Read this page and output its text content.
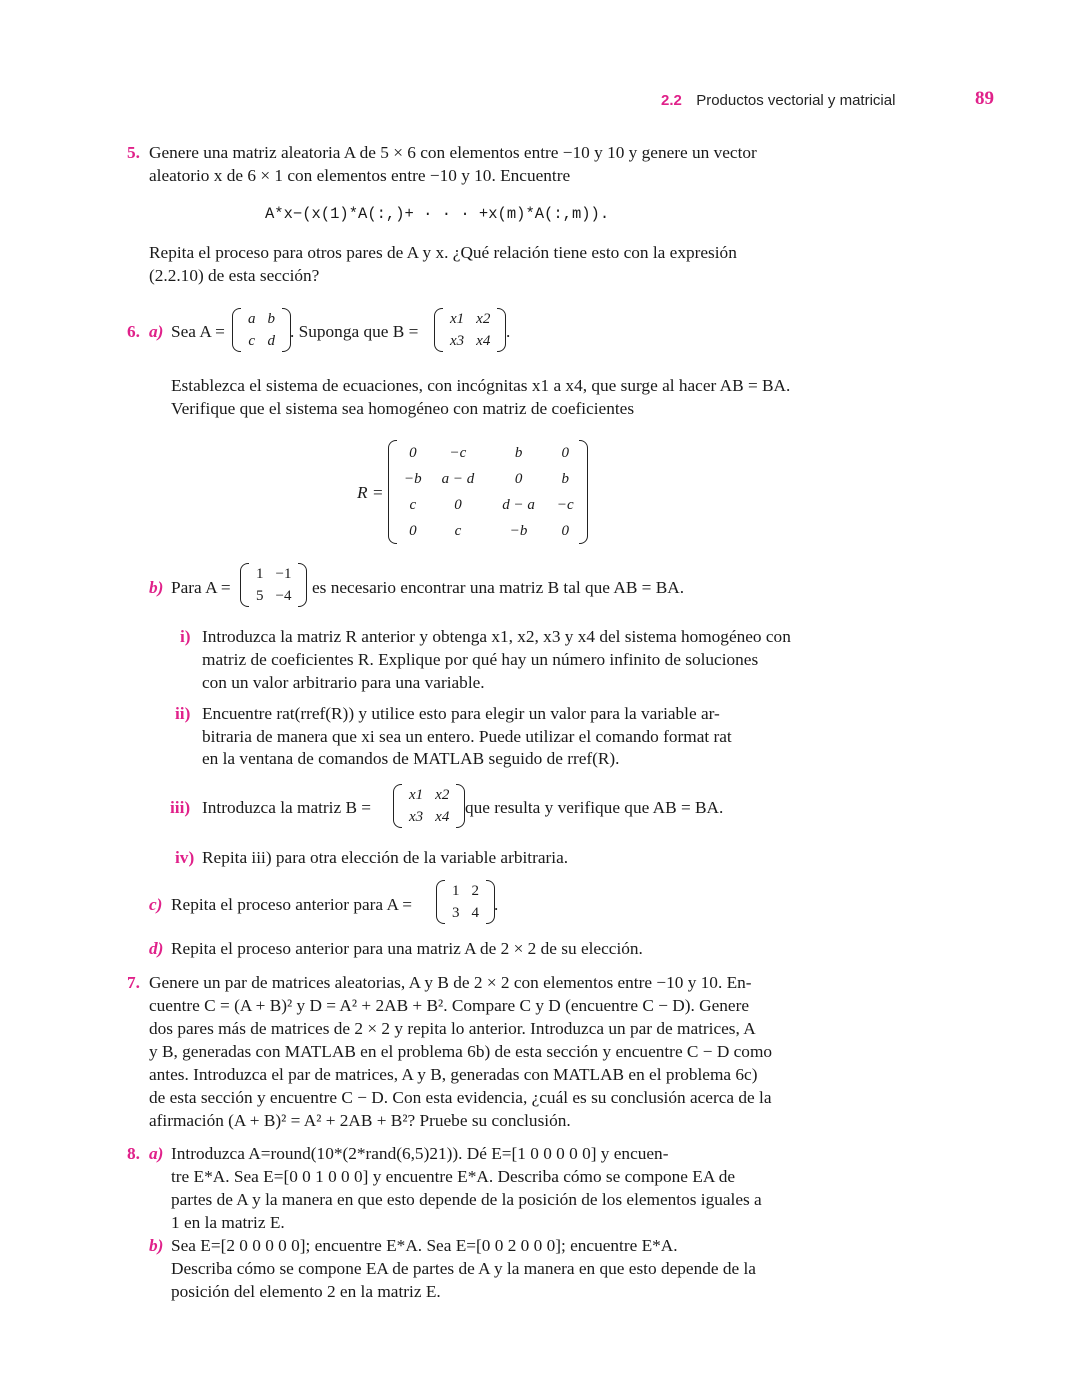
2.2 Productos vectorial y matricial	89
5. Genere una matriz aleatoria A de 5 × 6 con elementos entre −10 y 10 y genere un vector
aleatorio x de 6 × 1 con elementos entre −10 y 10. Encuentre
A*x−(x(1)*A(:,)+ · · · +x(m)*A(:,m)).
Repita el proceso para otros pares de A y x. ¿Qué relación tiene esto con la expresión
(2.2.10) de esta sección?
6. a) Sea A =
a	b
c	d . Suponga que B =
x1	x2
x3	x4 .
Establezca el sistema de ecuaciones, con incógnitas x1 a x4, que surge al hacer AB = BA.
Verifique que el sistema sea homogéneo con matriz de coeficientes
R =
0	−c	b	0
−b	a − d	0	b
c	0	d − a	−c
0	c	−b	0
b) Para A =
1	−1
5	−4 es necesario encontrar una matriz B tal que AB = BA.
i) Introduzca la matriz R anterior y obtenga x1, x2, x3 y x4 del sistema homogéneo con
matriz de coeficientes R. Explique por qué hay un número infinito de soluciones
con un valor arbitrario para una variable.
ii) Encuentre rat(rref(R)) y utilice esto para elegir un valor para la variable ar-
bitraria de manera que xi sea un entero. Puede utilizar el comando format rat
en la ventana de comandos de MATLAB seguido de rref(R).
iii) Introduzca la matriz B =
x1	x2
x3	x4 que resulta y verifique que AB = BA.
iv) Repita iii) para otra elección de la variable arbitraria.
c) Repita el proceso anterior para A =
1	2
3	4 .
d) Repita el proceso anterior para una matriz A de 2 × 2 de su elección.
7. Genere un par de matrices aleatorias, A y B de 2 × 2 con elementos entre −10 y 10. En-
cuentre C = (A + B)² y D = A² + 2AB + B². Compare C y D (encuentre C − D). Genere
dos pares más de matrices de 2 × 2 y repita lo anterior. Introduzca un par de matrices, A
y B, generadas con MATLAB en el problema 6b) de esta sección y encuentre C − D como
antes. Introduzca el par de matrices, A y B, generadas con MATLAB en el problema 6c)
de esta sección y encuentre C − D. Con esta evidencia, ¿cuál es su conclusión acerca de la
afirmación (A + B)² = A² + 2AB + B²? Pruebe su conclusión.
8. a) Introduzca A=round(10*(2*rand(6,5)21)). Dé E=[1 0 0 0 0 0] y encuen-
tre E*A. Sea E=[0 0 1 0 0 0] y encuentre E*A. Describa cómo se compone EA de
partes de A y la manera en que esto depende de la posición de los elementos iguales a
1 en la matriz E.
b) Sea E=[2 0 0 0 0 0]; encuentre E*A. Sea E=[0 0 2 0 0 0]; encuentre E*A.
Describa cómo se compone EA de partes de A y la manera en que esto depende de la
posición del elemento 2 en la matriz E.
